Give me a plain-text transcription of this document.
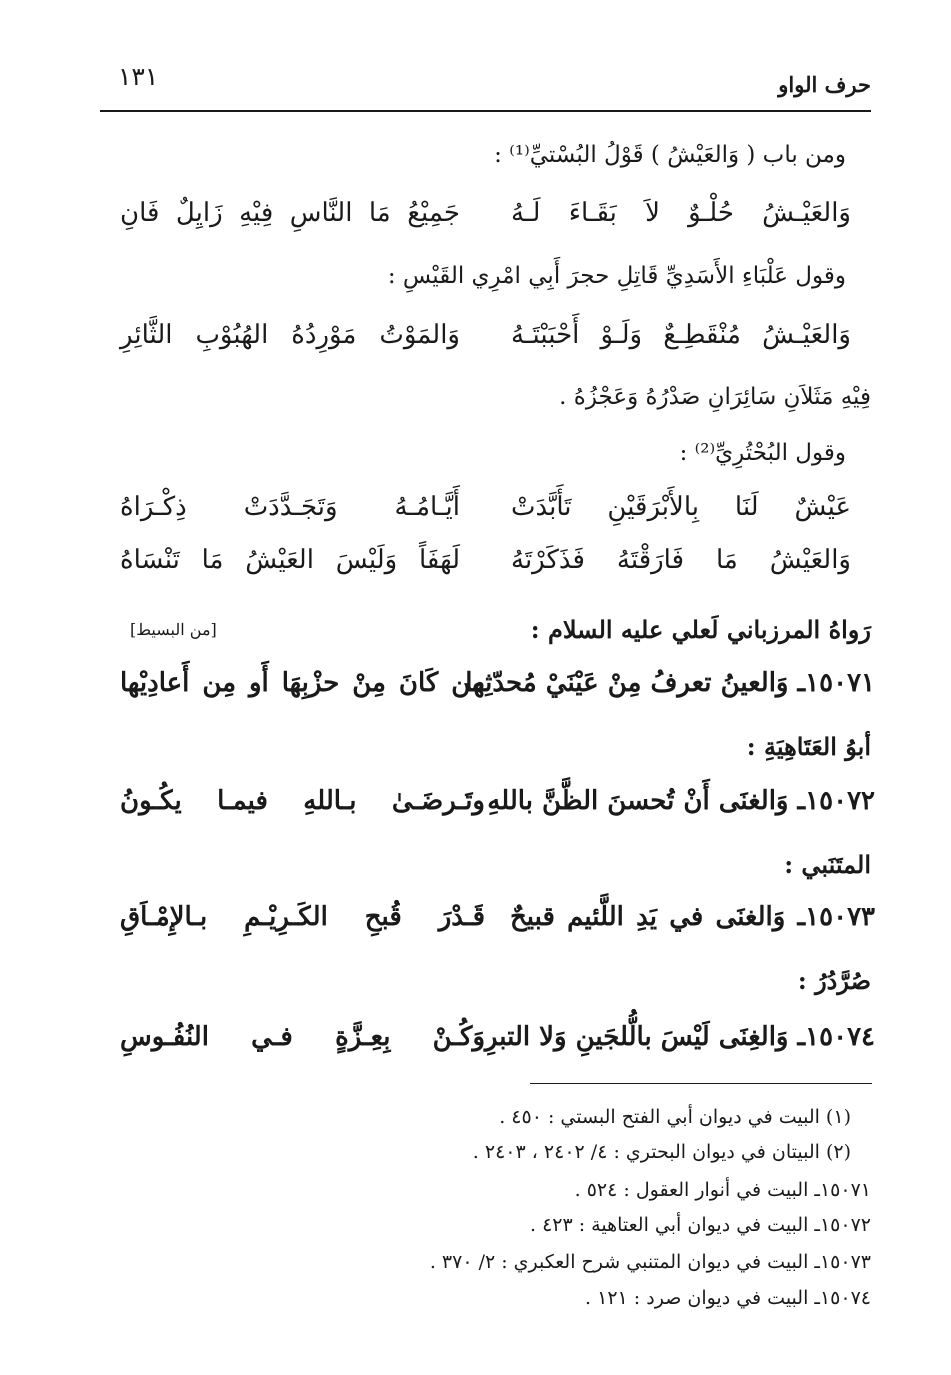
حرف الواو
١٣١
ومن باب ( وَالعَيْشُ ) قَوْلُ البُسْتيِّ⁽¹⁾ :
وَالعَيْـشُ حُلْـوٌ لاَ بَقَـاءَ لَـهُ
جَمِيْعُ مَا النَّاسِ فِيْهِ زَايِلٌ فَانِ
وقول عَلْبَاءِ الأَسَدِيِّ قَاتِلِ حجرَ أَبِي امْرِي القَيْسِ :
وَالعَيْـشُ مُنْقَطِـعٌ وَلَـوْ أَحْبَبْتَـهُ
وَالمَوْتُ مَوْرِدُهُ الهُبُوْبِ الثَّائِرِ
فِيْهِ مَثَلاَنِ سَائِرَانِ صَدْرُهُ وَعَجْزُهُ .
وقول البُحْتُرِيِّ⁽²⁾ :
عَيْشٌ لَنَا بِالأَبْرَقَيْنِ تَأَبَّدَتْ
أَيَّـامُـهُ وَتَجَـدَّدَتْ ذِكْـرَاهُ
وَالعَيْشُ مَا فَارَقْتَهُ فَذَكَرْتَهُ
لَهَفَاً وَلَيْسَ العَيْشُ مَا تَنْسَاهُ
رَواهُ المرزباني لَعلي عليه السلام :
[من البسيط]
١٥٠٧١ـ وَالعينُ تعرفُ مِنْ عَيْنَيْ مُحدّثِها
من كَانَ مِنْ حزْبِهَا أَو مِن أَعادِيْها
أبوُ العَتَاهِيَةِ :
١٥٠٧٢ـ وَالغنَى أَنْ تُحسنَ الظَّنَّ باللهِ
وتَـرضَـىٰ بـاللهِ فيمـا يكُـونُ
المتَنَبي :
١٥٠٧٣ـ وَالغنَى في يَدِ اللَّئيم قبيحٌ
قَـدْرَ قُبحِ الكَـرِيْـمِ بـالإِمْـاَقِ
صُرَّدُرُ :
١٥٠٧٤ـ وَالغِنَى لَيْسَ بالُّلجَينِ وَلا التبرِ
وَكُـنْ بِعِـزَّةٍ فـي النُفُـوسِ
(١) البيت في ديوان أبي الفتح البستي : ٤٥٠ .
(٢) البيتان في ديوان البحتري : ٤/ ٢٤٠٢ ، ٢٤٠٣ .
١٥٠٧١ـ البيت في أنوار العقول : ٥٢٤ .
١٥٠٧٢ـ البيت في ديوان أبي العتاهية : ٤٢٣ .
١٥٠٧٣ـ البيت في ديوان المتنبي شرح العكبري : ٢/ ٣٧٠ .
١٥٠٧٤ـ البيت في ديوان صرد : ١٢١ .
